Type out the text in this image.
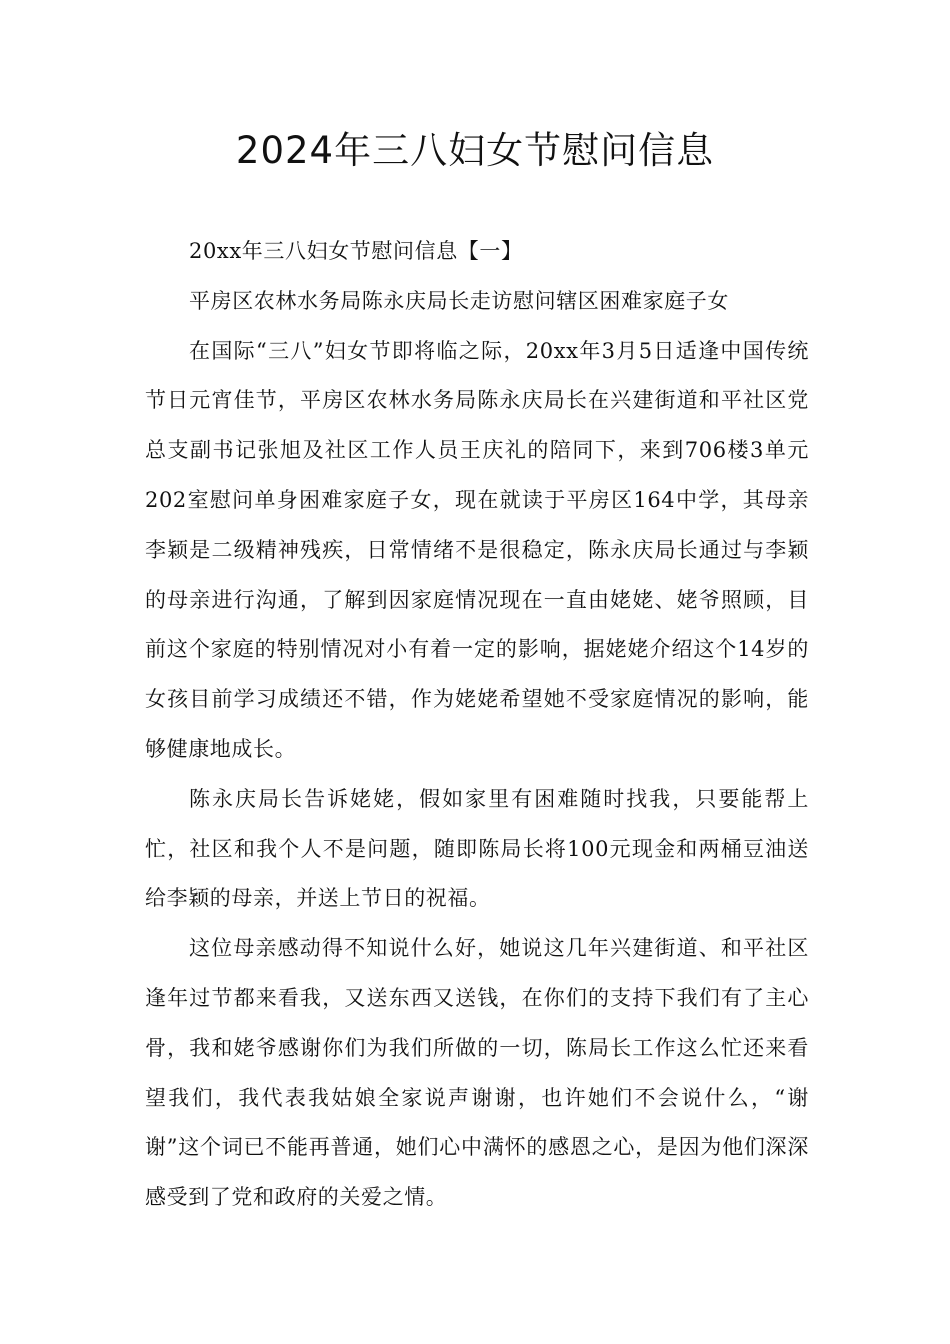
2024年三八妇女节慰问信息

20xx年三八妇女节慰问信息【一】

平房区农林水务局陈永庆局长走访慰问辖区困难家庭子女

在国际“三八”妇女节即将临之际，20xx年3月5日适逢中国传统节日元宵佳节，平房区农林水务局陈永庆局长在兴建街道和平社区党总支副书记张旭及社区工作人员王庆礼的陪同下，来到706楼3单元202室慰问单身困难家庭子女，现在就读于平房区164中学，其母亲李颖是二级精神残疾，日常情绪不是很稳定，陈永庆局长通过与李颖的母亲进行沟通，了解到因家庭情况现在一直由姥姥、姥爷照顾，目前这个家庭的特别情况对小有着一定的影响，据姥姥介绍这个14岁的女孩目前学习成绩还不错，作为姥姥希望她不受家庭情况的影响，能够健康地成长。

陈永庆局长告诉姥姥，假如家里有困难随时找我，只要能帮上忙，社区和我个人不是问题，随即陈局长将100元现金和两桶豆油送给李颖的母亲，并送上节日的祝福。

这位母亲感动得不知说什么好，她说这几年兴建街道、和平社区逢年过节都来看我，又送东西又送钱，在你们的支持下我们有了主心骨，我和姥爷感谢你们为我们所做的一切，陈局长工作这么忙还来看望我们，我代表我姑娘全家说声谢谢，也许她们不会说什么，“谢谢”这个词已不能再普通，她们心中满怀的感恩之心，是因为他们深深感受到了党和政府的关爱之情。
